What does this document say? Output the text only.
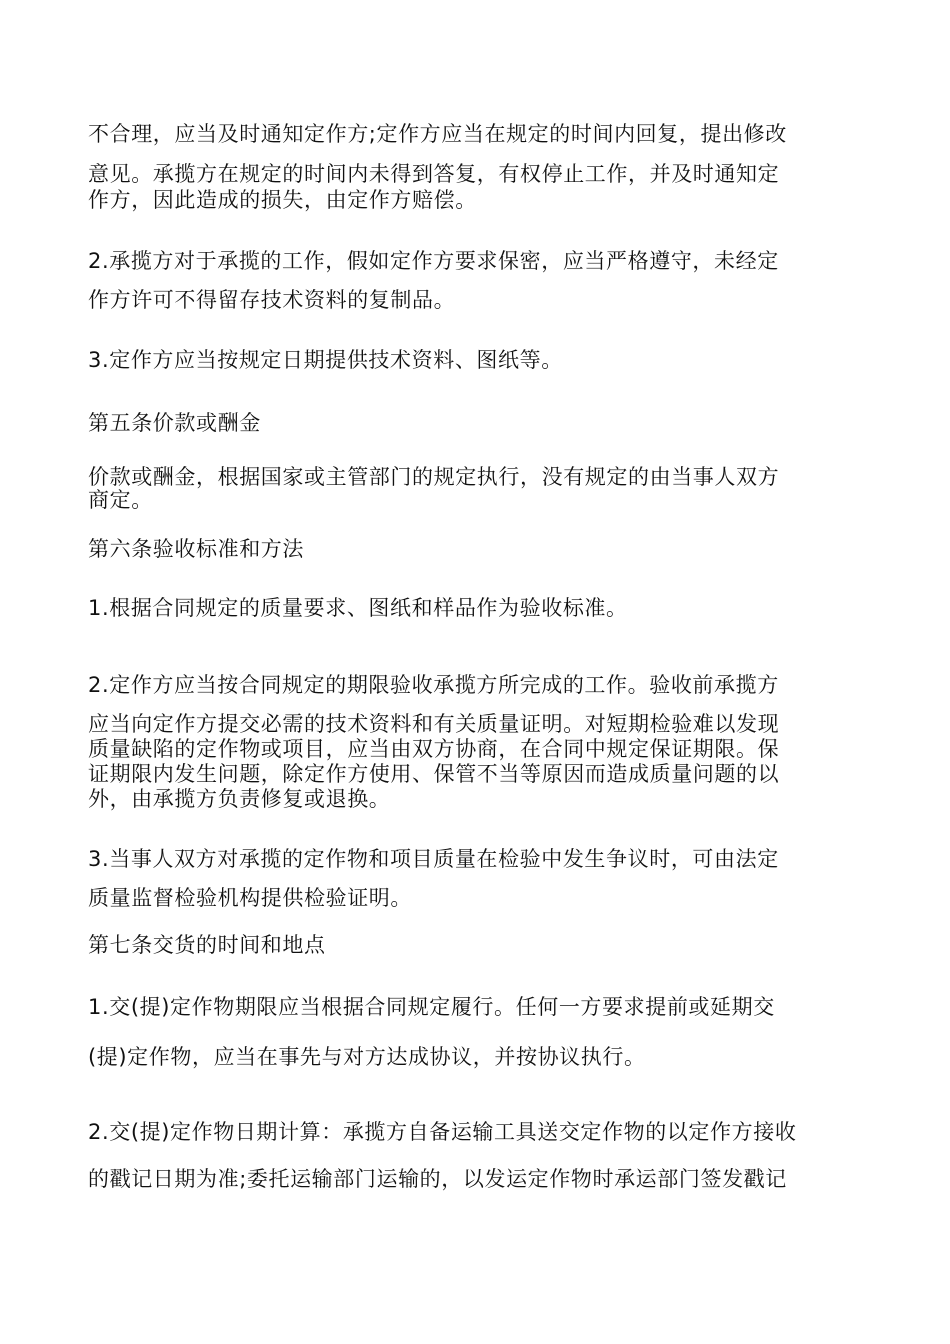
不合理，应当及时通知定作方;定作方应当在规定的时间内回复，提出修改
意见。承揽方在规定的时间内未得到答复，有权停止工作，并及时通知定
作方，因此造成的损失，由定作方赔偿。
2.承揽方对于承揽的工作，假如定作方要求保密，应当严格遵守，未经定
作方许可不得留存技术资料的复制品。
3.定作方应当按规定日期提供技术资料、图纸等。
第五条价款或酬金
价款或酬金，根据国家或主管部门的规定执行，没有规定的由当事人双方
商定。
第六条验收标准和方法
1.根据合同规定的质量要求、图纸和样品作为验收标准。
2.定作方应当按合同规定的期限验收承揽方所完成的工作。验收前承揽方
应当向定作方提交必需的技术资料和有关质量证明。对短期检验难以发现
质量缺陷的定作物或项目，应当由双方协商，在合同中规定保证期限。保
证期限内发生问题，除定作方使用、保管不当等原因而造成质量问题的以
外，由承揽方负责修复或退换。
3.当事人双方对承揽的定作物和项目质量在检验中发生争议时，可由法定
质量监督检验机构提供检验证明。
第七条交货的时间和地点
1.交(提)定作物期限应当根据合同规定履行。任何一方要求提前或延期交
(提)定作物，应当在事先与对方达成协议，并按协议执行。
2.交(提)定作物日期计算：承揽方自备运输工具送交定作物的以定作方接收
的戳记日期为准;委托运输部门运输的，以发运定作物时承运部门签发戳记
